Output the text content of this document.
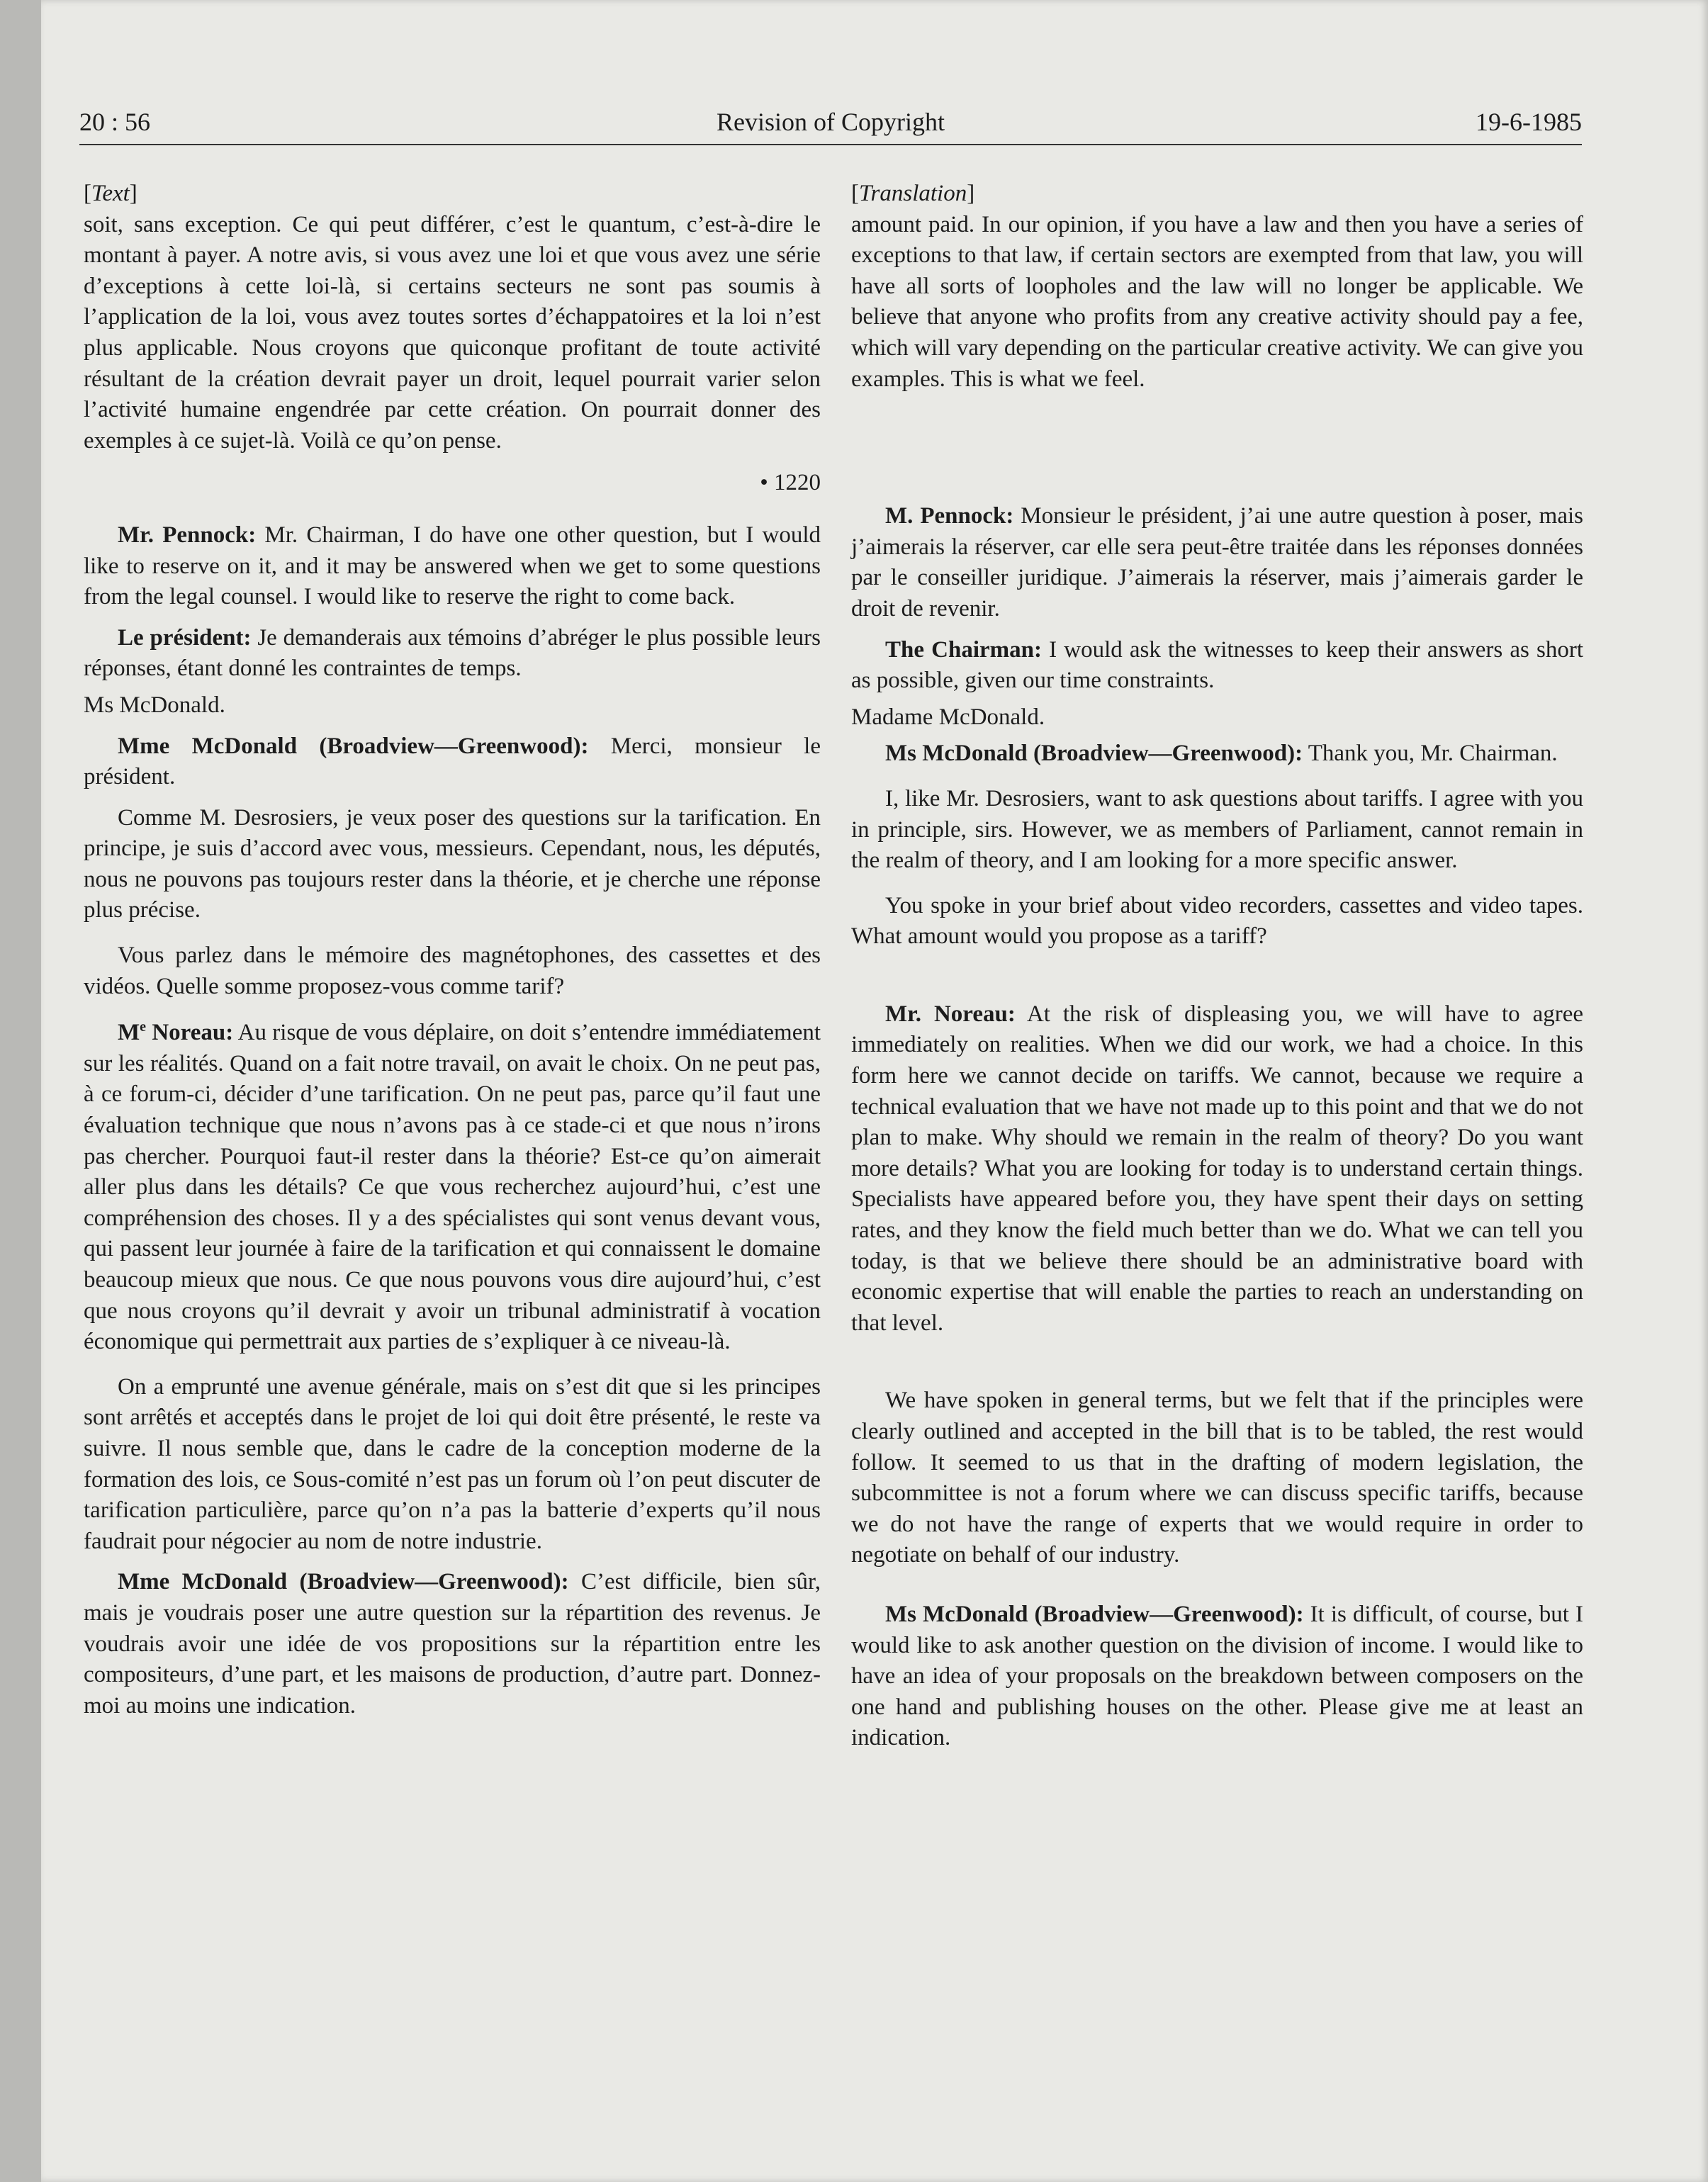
20 : 56	Revision of Copyright	19-6-1985

[Text]

soit, sans exception. Ce qui peut différer, c’est le quantum, c’est-à-dire le montant à payer. A notre avis, si vous avez une loi et que vous avez une série d’exceptions à cette loi-là, si certains secteurs ne sont pas soumis à l’application de la loi, vous avez toutes sortes d’échappatoires et la loi n’est plus applicable. Nous croyons que quiconque profitant de toute activité résultant de la création devrait payer un droit, lequel pourrait varier selon l’activité humaine engendrée par cette création. On pourrait donner des exemples à ce sujet-là. Voilà ce qu’on pense.

• 1220

Mr. Pennock: Mr. Chairman, I do have one other question, but I would like to reserve on it, and it may be answered when we get to some questions from the legal counsel. I would like to reserve the right to come back.

Le président: Je demanderais aux témoins d’abréger le plus possible leurs réponses, étant donné les contraintes de temps.

Ms McDonald.

Mme McDonald (Broadview—Greenwood): Merci, monsieur le président.

Comme M. Desrosiers, je veux poser des questions sur la tarification. En principe, je suis d’accord avec vous, messieurs. Cependant, nous, les députés, nous ne pouvons pas toujours rester dans la théorie, et je cherche une réponse plus précise.

Vous parlez dans le mémoire des magnétophones, des cassettes et des vidéos. Quelle somme proposez-vous comme tarif?

Me Noreau: Au risque de vous déplaire, on doit s’entendre immédiatement sur les réalités. Quand on a fait notre travail, on avait le choix. On ne peut pas, à ce forum-ci, décider d’une tarification. On ne peut pas, parce qu’il faut une évaluation technique que nous n’avons pas à ce stade-ci et que nous n’irons pas chercher. Pourquoi faut-il rester dans la théorie? Est-ce qu’on aimerait aller plus dans les détails? Ce que vous recherchez aujourd’hui, c’est une compréhension des choses. Il y a des spécialistes qui sont venus devant vous, qui passent leur journée à faire de la tarification et qui connaissent le domaine beaucoup mieux que nous. Ce que nous pouvons vous dire aujourd’hui, c’est que nous croyons qu’il devrait y avoir un tribunal administratif à vocation économique qui permettrait aux parties de s’expliquer à ce niveau-là.

On a emprunté une avenue générale, mais on s’est dit que si les principes sont arrêtés et acceptés dans le projet de loi qui doit être présenté, le reste va suivre. Il nous semble que, dans le cadre de la conception moderne de la formation des lois, ce Sous-comité n’est pas un forum où l’on peut discuter de tarification particulière, parce qu’on n’a pas la batterie d’experts qu’il nous faudrait pour négocier au nom de notre industrie.

Mme McDonald (Broadview—Greenwood): C’est difficile, bien sûr, mais je voudrais poser une autre question sur la répartition des revenus. Je voudrais avoir une idée de vos propositions sur la répartition entre les compositeurs, d’une part, et les maisons de production, d’autre part. Donnez-moi au moins une indication.

[Translation]

amount paid. In our opinion, if you have a law and then you have a series of exceptions to that law, if certain sectors are exempted from that law, you will have all sorts of loopholes and the law will no longer be applicable. We believe that anyone who profits from any creative activity should pay a fee, which will vary depending on the particular creative activity. We can give you examples. This is what we feel.

M. Pennock: Monsieur le président, j’ai une autre question à poser, mais j’aimerais la réserver, car elle sera peut-être traitée dans les réponses données par le conseiller juridique. J’aimerais la réserver, mais j’aimerais garder le droit de revenir.

The Chairman: I would ask the witnesses to keep their answers as short as possible, given our time constraints.

Madame McDonald.

Ms McDonald (Broadview—Greenwood): Thank you, Mr. Chairman.

I, like Mr. Desrosiers, want to ask questions about tariffs. I agree with you in principle, sirs. However, we as members of Parliament, cannot remain in the realm of theory, and I am looking for a more specific answer.

You spoke in your brief about video recorders, cassettes and video tapes. What amount would you propose as a tariff?

Mr. Noreau: At the risk of displeasing you, we will have to agree immediately on realities. When we did our work, we had a choice. In this form here we cannot decide on tariffs. We cannot, because we require a technical evaluation that we have not made up to this point and that we do not plan to make. Why should we remain in the realm of theory? Do you want more details? What you are looking for today is to understand certain things. Specialists have appeared before you, they have spent their days on setting rates, and they know the field much better than we do. What we can tell you today, is that we believe there should be an administrative board with economic expertise that will enable the parties to reach an understanding on that level.

We have spoken in general terms, but we felt that if the principles were clearly outlined and accepted in the bill that is to be tabled, the rest would follow. It seemed to us that in the drafting of modern legislation, the subcommittee is not a forum where we can discuss specific tariffs, because we do not have the range of experts that we would require in order to negotiate on behalf of our industry.

Ms McDonald (Broadview—Greenwood): It is difficult, of course, but I would like to ask another question on the division of income. I would like to have an idea of your proposals on the breakdown between composers on the one hand and publishing houses on the other. Please give me at least an indication.
